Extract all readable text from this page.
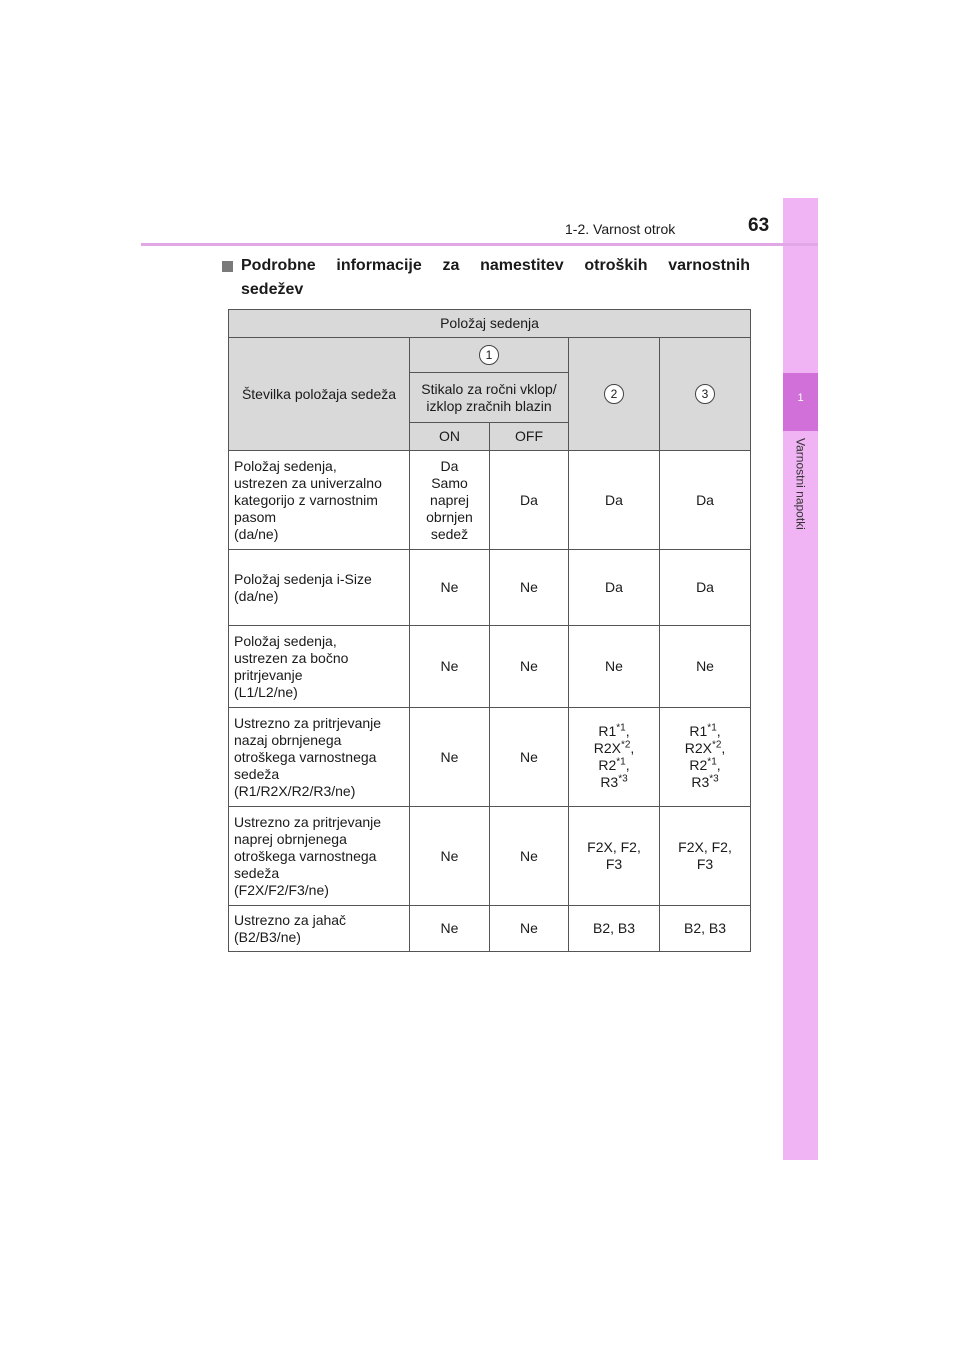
1
Varnostni napotki
1-2. Varnost otrok	63
Podrobne informacije za namestitev otroških varnostnih
sedežev
Položaj sedenja				
Številka položaja sedeža	1		2	3

	Stikalo za ročni vklop/
izklop zračnih blazin			

	ON	OFF		

Položaj sedenja,
ustrezen za univerzalno
kategorijo z varnostnim
pasom
(da/ne)	Da
Samo
naprej
obrnjen
sedež	Da	Da	Da

Položaj sedenja i-Size
(da/ne)	Ne	Ne	Da	Da

Položaj sedenja,
ustrezen za bočno
pritrjevanje
(L1/L2/ne)	Ne	Ne	Ne	Ne

Ustrezno za pritrjevanje
nazaj obrnjenega
otroškega varnostnega
sedeža
(R1/R2X/R2/R3/ne)	Ne	Ne	R1$^{*1}$,
$R2X^{*2}$,
R2$^{*1}$,
R3$^{*3}$	R1$^{*1}$,
$R2X^{*2}$,
R2$^{*1}$,
R3$^{*3}$

Ustrezno za pritrjevanje
naprej obrnjenega
otroškega varnostnega
sedeža
(F2X/F2/F3/ne)	Ne	Ne	F2X, F2,
F3	F2X, F2,
F3

Ustrezno za jahač
(B2/B3/ne)	Ne	Ne	B2, B3	B2, B3
